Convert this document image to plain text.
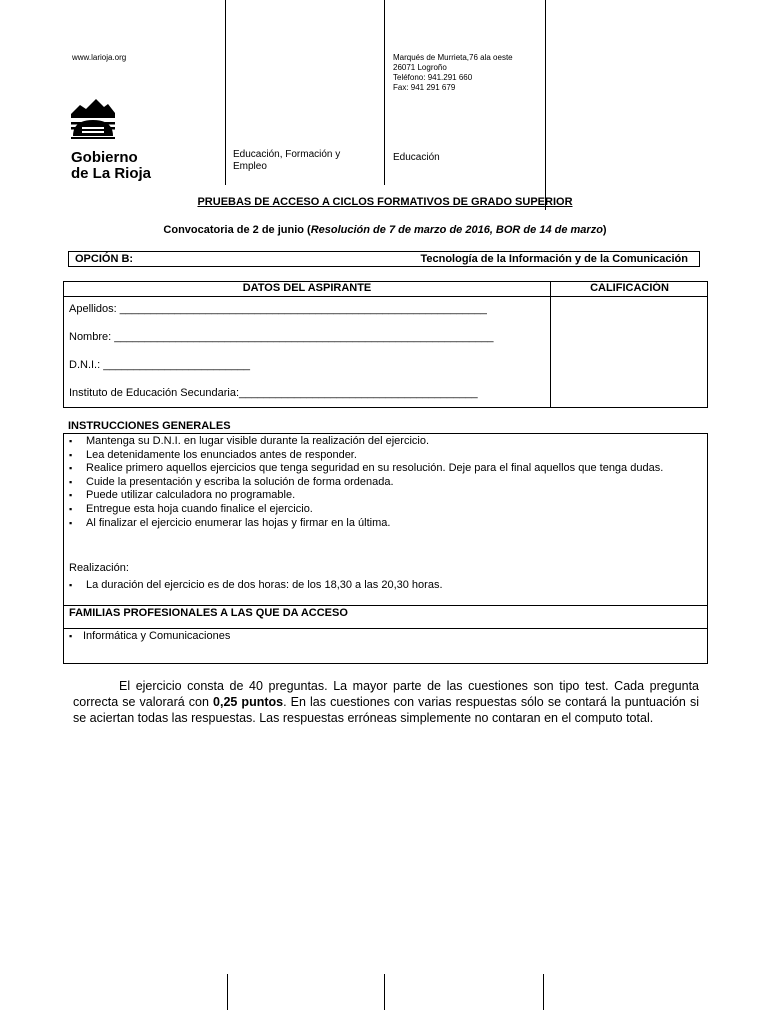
www.larioja.org	Marqués de Murrieta,76 ala oeste
26071 Logroño
Teléfono: 941.291 660
Fax: 941 291 679
Gobierno
de La Rioja
Educación, Formación y
Empleo
Educación
PRUEBAS DE ACCESO A CICLOS FORMATIVOS DE GRADO SUPERIOR
Convocatoria de 2 de junio (Resolución de 7 de marzo de 2016, BOR de 14 de marzo)
OPCIÓN B:	Tecnología de la Información y de la Comunicación
DATOS DEL ASPIRANTE	CALIFICACIÓN
Apellidos: ____________________________________________________________
Nombre: ______________________________________________________________
D.N.I.: ________________________
Instituto de Educación Secundaria:_______________________________________
INSTRUCCIONES GENERALES
▪ Mantenga su D.N.I. en lugar visible durante la realización del ejercicio.
▪ Lea detenidamente los enunciados antes de responder.
▪ Realice primero aquellos ejercicios que tenga seguridad en su resolución. Deje para el final aquellos que tenga dudas.
▪ Cuide la presentación y escriba la solución de forma ordenada.
▪ Puede utilizar calculadora no programable.
▪ Entregue esta hoja cuando finalice el ejercicio.
▪ Al finalizar el ejercicio enumerar las hojas y firmar en la última.
Realización:
▪ La duración del ejercicio es de dos horas: de los 18,30 a las 20,30 horas.
FAMILIAS PROFESIONALES A LAS QUE DA ACCESO
▪ Informática y Comunicaciones
El ejercicio consta de 40 preguntas. La mayor parte de las cuestiones son tipo test. Cada pregunta correcta se valorará con 0,25 puntos. En las cuestiones con varias respuestas sólo se contará la puntuación si se aciertan todas las respuestas. Las respuestas erróneas simplemente no contaran en el computo total.
